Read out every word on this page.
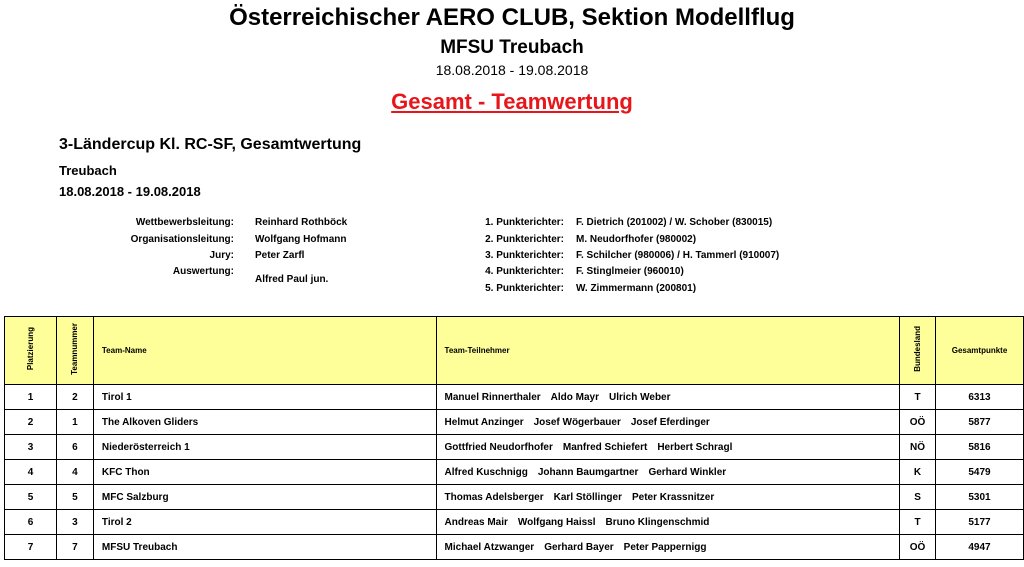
Österreichischer AERO CLUB, Sektion Modellflug
MFSU Treubach
18.08.2018 - 19.08.2018
Gesamt - Teamwertung
3-Ländercup Kl. RC-SF, Gesamtwertung
Treubach
18.08.2018 - 19.08.2018
Wettbewerbsleitung: Reinhard Rothböck
Organisationsleitung: Wolfgang Hofmann
Jury: Peter Zarfl
Auswertung:
Alfred Paul jun.
1. Punkterichter: F. Dietrich (201002) / W. Schober (830015)
2. Punkterichter: M. Neudorfhofer (980002)
3. Punkterichter: F. Schilcher (980006) / H. Tammerl (910007)
4. Punkterichter: F. Stinglmeier (960010)
5. Punkterichter: W. Zimmermann (200801)
Platzierung	Teamnummer	Team-Name	Team-Teilnehmer	Bundesland	Gesamtpunkte
1	2	Tirol 1	Manuel Rinnerthaler Aldo Mayr Ulrich Weber	T	6313
2	1	The Alkoven Gliders	Helmut Anzinger Josef Wögerbauer Josef Eferdinger	OÖ	5877
3	6	Niederösterreich 1	Gottfried Neudorfhofer Manfred Schiefert Herbert Schragl	NÖ	5816
4	4	KFC Thon	Alfred Kuschnigg Johann Baumgartner Gerhard Winkler	K	5479
5	5	MFC Salzburg	Thomas Adelsberger Karl Stöllinger Peter Krassnitzer	S	5301
6	3	Tirol 2	Andreas Mair Wolfgang Haissl Bruno Klingenschmid	T	5177
7	7	MFSU Treubach	Michael Atzwanger Gerhard Bayer Peter Pappernigg	OÖ	4947
